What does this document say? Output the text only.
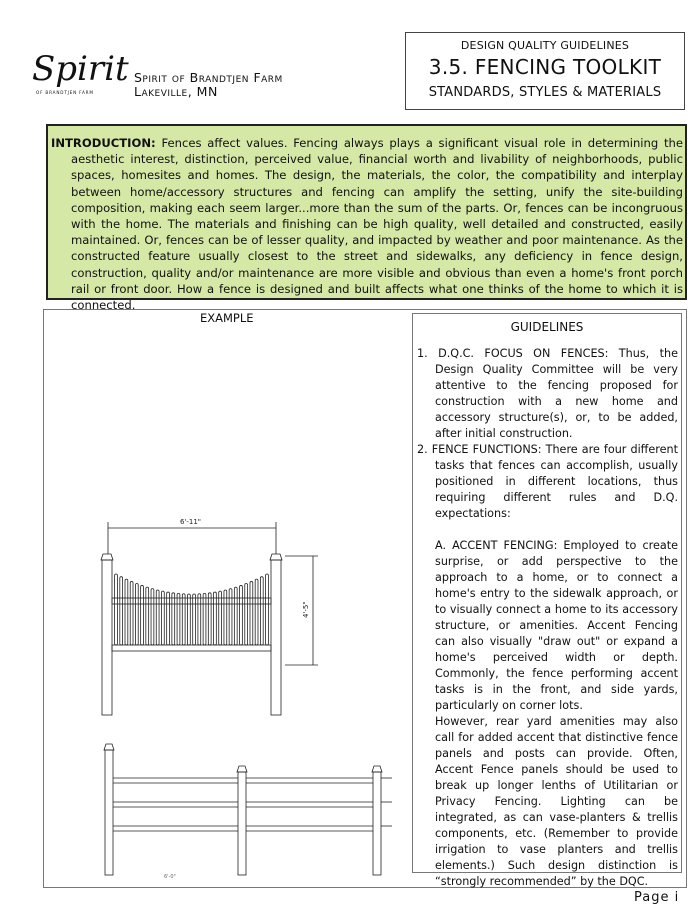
Spirit
OF BRANDTJEN FARM
Spirit of Brandtjen Farm
Lakeville, MN
DESIGN QUALITY GUIDELINES
3.5. FENCING TOOLKIT
STANDARDS, STYLES & MATERIALS
INTRODUCTION: Fences affect values. Fencing always plays a significant visual role in determining the aesthetic interest, distinction, perceived value, financial worth and livability of neighborhoods, public spaces, homesites and homes. The design, the materials, the color, the compatibility and interplay between home/accessory structures and fencing can amplify the setting, unify the site-building composition, making each seem larger...more than the sum of the parts. Or, fences can be incongruous with the home. The materials and finishing can be high quality, well detailed and constructed, easily maintained. Or, fences can be of lesser quality, and impacted by weather and poor maintenance. As the constructed feature usually closest to the street and sidewalks, any deficiency in fence design, construction, quality and/or maintenance are more visible and obvious than even a home's front porch rail or front door. How a fence is designed and built affects what one thinks of the home to which it is connected.
EXAMPLE
6'-11"
4'-5"
6'-0"
GUIDELINES

1. D.Q.C. FOCUS ON FENCES: Thus, the Design Quality Committee will be very attentive to the fencing proposed for construction with a new home and accessory structure(s), or, to be added, after initial construction.

2. FENCE FUNCTIONS: There are four different tasks that fences can accomplish, usually positioned in different locations, thus requiring different rules and D.Q. expectations:

A. ACCENT FENCING: Employed to create surprise, or add perspective to the approach to a home, or to connect a home's entry to the sidewalk approach, or to visually connect a home to its accessory structure, or amenities. Accent Fencing can also visually "draw out" or expand a home's perceived width or depth. Commonly, the fence performing accent tasks is in the front, and side yards, particularly on corner lots.

However, rear yard amenities may also call for added accent that distinctive fence panels and posts can provide. Often, Accent Fence panels should be used to break up longer lenths of Utilitarian or Privacy Fencing. Lighting can be integrated, as can vase-planters & trellis components, etc. (Remember to provide irrigation to vase planters and trellis elements.) Such design distinction is “strongly recommended” by the DQC.

Page i
